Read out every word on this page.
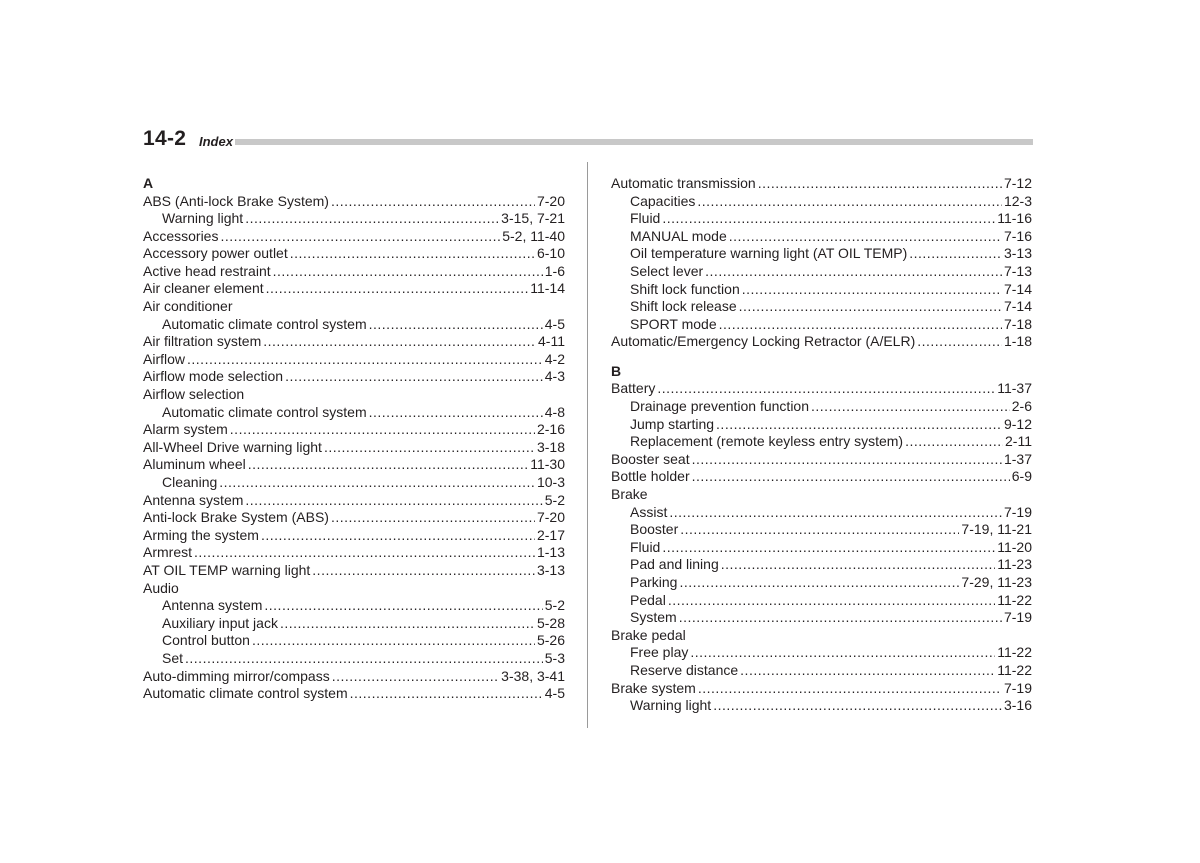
14-2 Index
A
ABS (Anti-lock Brake System) .....	7-20
Warning light .....	3-15, 7-21
Accessories .....	5-2, 11-40
Accessory power outlet .....	6-10
Active head restraint .....	1-6
Air cleaner element .....	11-14
Air conditioner
Automatic climate control system .....	4-5
Air filtration system .....	4-11
Airflow .....	4-2
Airflow mode selection .....	4-3
Airflow selection
Automatic climate control system .....	4-8
Alarm system .....	2-16
All-Wheel Drive warning light .....	3-18
Aluminum wheel .....	11-30
Cleaning .....	10-3
Antenna system .....	5-2
Anti-lock Brake System (ABS) .....	7-20
Arming the system .....	2-17
Armrest .....	1-13
AT OIL TEMP warning light .....	3-13
Audio
Antenna system .....	5-2
Auxiliary input jack .....	5-28
Control button .....	5-26
Set .....	5-3
Auto-dimming mirror/compass .....	3-38, 3-41
Automatic climate control system .....	4-5
Automatic transmission .....	7-12
Capacities .....	12-3
Fluid .....	11-16
MANUAL mode .....	7-16
Oil temperature warning light (AT OIL TEMP) .....	3-13
Select lever .....	7-13
Shift lock function .....	7-14
Shift lock release .....	7-14
SPORT mode .....	7-18
Automatic/Emergency Locking Retractor (A/ELR) .....	1-18
B
Battery .....	11-37
Drainage prevention function .....	2-6
Jump starting .....	9-12
Replacement (remote keyless entry system) .....	2-11
Booster seat .....	1-37
Bottle holder .....	6-9
Brake
Assist .....	7-19
Booster .....	7-19, 11-21
Fluid .....	11-20
Pad and lining .....	11-23
Parking .....	7-29, 11-23
Pedal .....	11-22
System .....	7-19
Brake pedal
Free play .....	11-22
Reserve distance .....	11-22
Brake system .....	7-19
Warning light .....	3-16
